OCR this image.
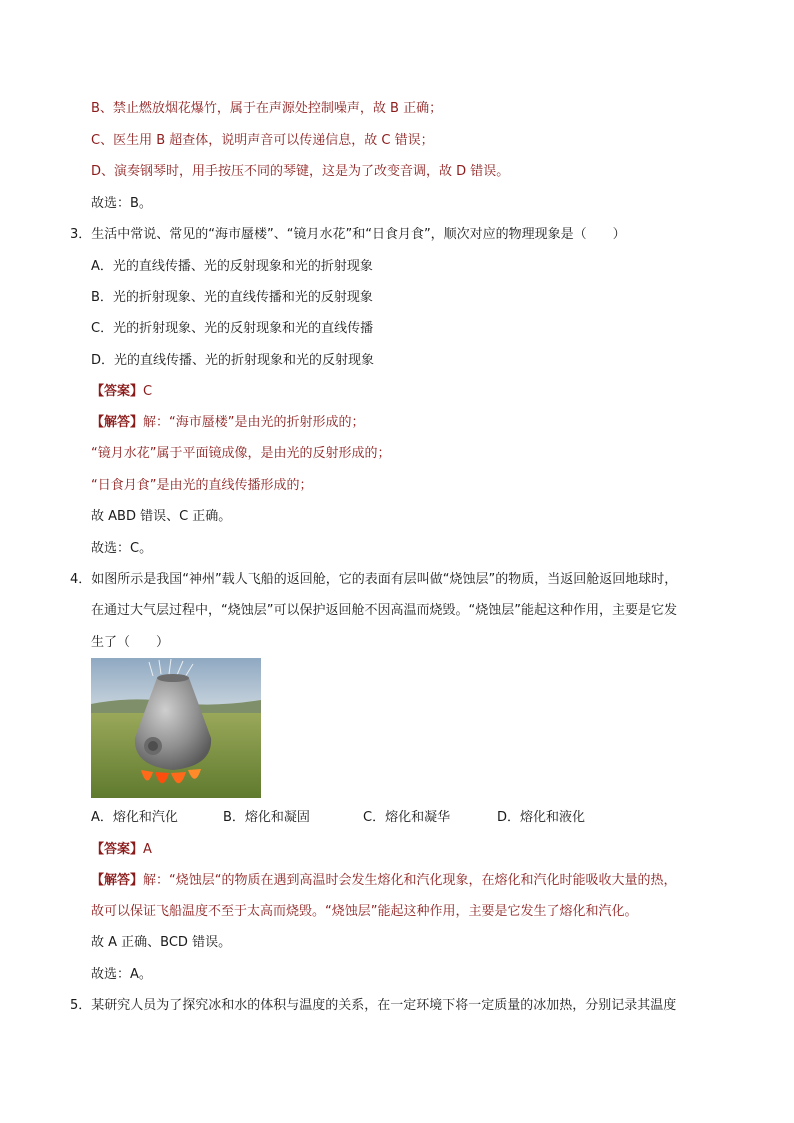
B、禁止燃放烟花爆竹，属于在声源处控制噪声，故 B 正确；
C、医生用 B 超查体，说明声音可以传递信息，故 C 错误；
D、演奏钢琴时，用手按压不同的琴键，这是为了改变音调，故 D 错误。
故选：B。
3．生活中常说、常见的“海市蜃楼”、“镜月水花”和“日食月食”，顺次对应的物理现象是（　　）
A．光的直线传播、光的反射现象和光的折射现象
B．光的折射现象、光的直线传播和光的反射现象
C．光的折射现象、光的反射现象和光的直线传播
D．光的直线传播、光的折射现象和光的反射现象
【答案】C
【解答】解：“海市蜃楼”是由光的折射形成的；
“镜月水花”属于平面镜成像，是由光的反射形成的；
“日食月食”是由光的直线传播形成的；
故 ABD 错误、C 正确。
故选：C。
4．如图所示是我国“神州”载人飞船的返回舱，它的表面有层叫做“烧蚀层”的物质，当返回舱返回地球时，
在通过大气层过程中，“烧蚀层”可以保护返回舱不因高温而烧毁。“烧蚀层”能起这种作用，主要是它发
生了（　　）
A．熔化和汽化	B．熔化和凝固	C．熔化和凝华	D．熔化和液化
【答案】A
【解答】解：“烧蚀层“的物质在遇到高温时会发生熔化和汽化现象，在熔化和汽化时能吸收大量的热，
故可以保证飞船温度不至于太高而烧毁。“烧蚀层”能起这种作用，主要是它发生了熔化和汽化。
故 A 正确、BCD 错误。
故选：A。
5．某研究人员为了探究冰和水的体积与温度的关系，在一定环境下将一定质量的冰加热，分别记录其温度
